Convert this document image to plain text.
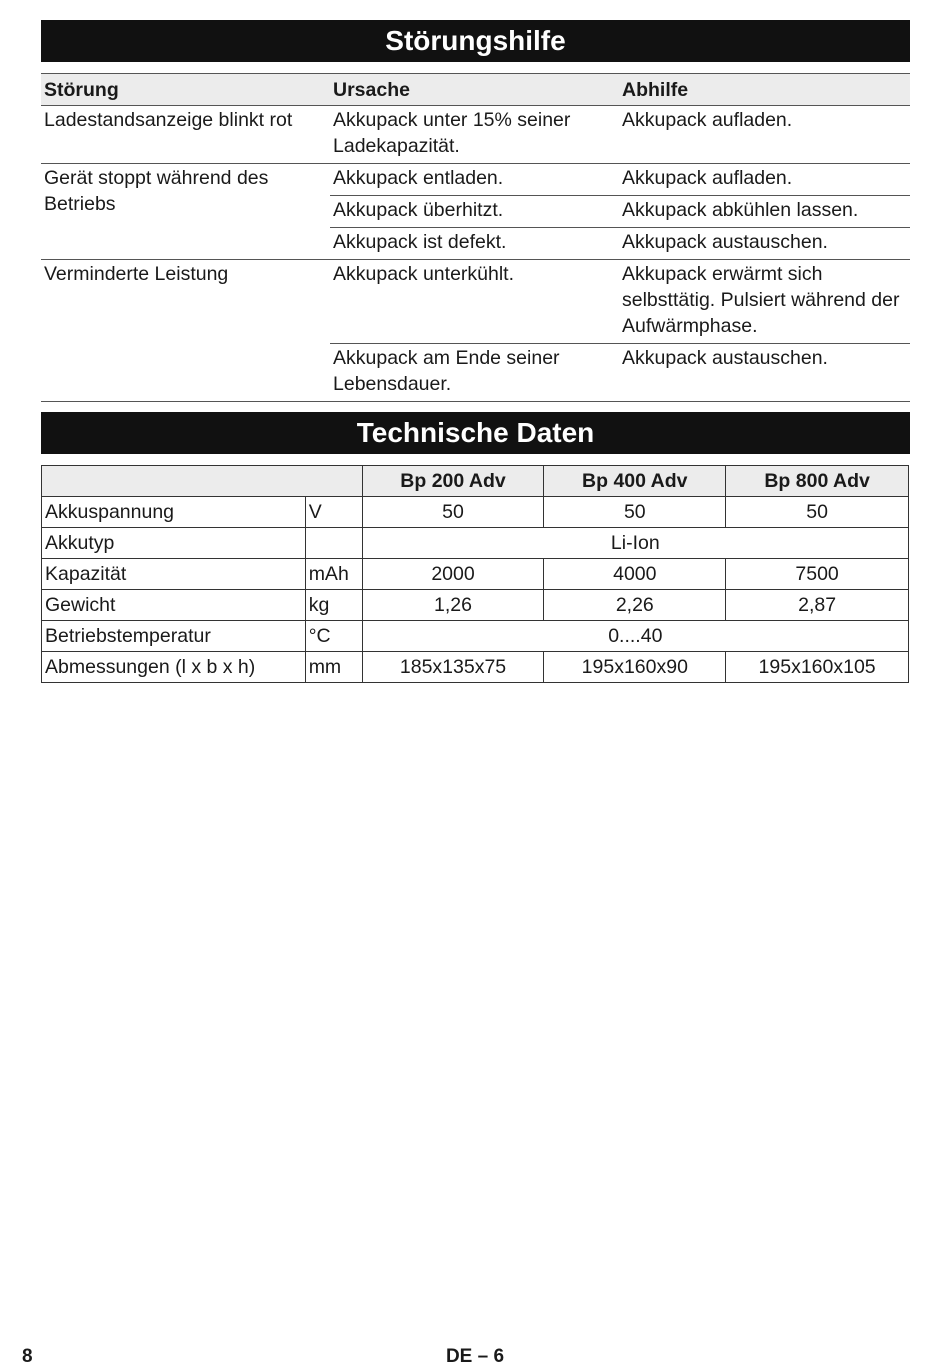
Störungshilfe
Störung	Ursache	Abhilfe
Ladestandsanzeige blinkt rot	Akkupack unter 15% seiner Ladekapazität.	Akkupack aufladen.
Gerät stoppt während des Betriebs	Akkupack entladen.	Akkupack aufladen.
	Akkupack überhitzt.	Akkupack abkühlen lassen.
	Akkupack ist defekt.	Akkupack austauschen.
Verminderte Leistung	Akkupack unterkühlt.	Akkupack erwärmt sich selbsttätig. Pulsiert während der Aufwärmphase.
	Akkupack am Ende seiner Lebensdauer.	Akkupack austauschen.
Technische Daten
		Bp 200 Adv	Bp 400 Adv	Bp 800 Adv
Akkuspannung	V	50	50	50
Akkutyp		Li-Ion		
Kapazität	mAh	2000	4000	7500
Gewicht	kg	1,26	2,26	2,87
Betriebstemperatur	°C	0....40		
Abmessungen (l x b x h)	mm	185x135x75	195x160x90	195x160x105
8	DE – 6
